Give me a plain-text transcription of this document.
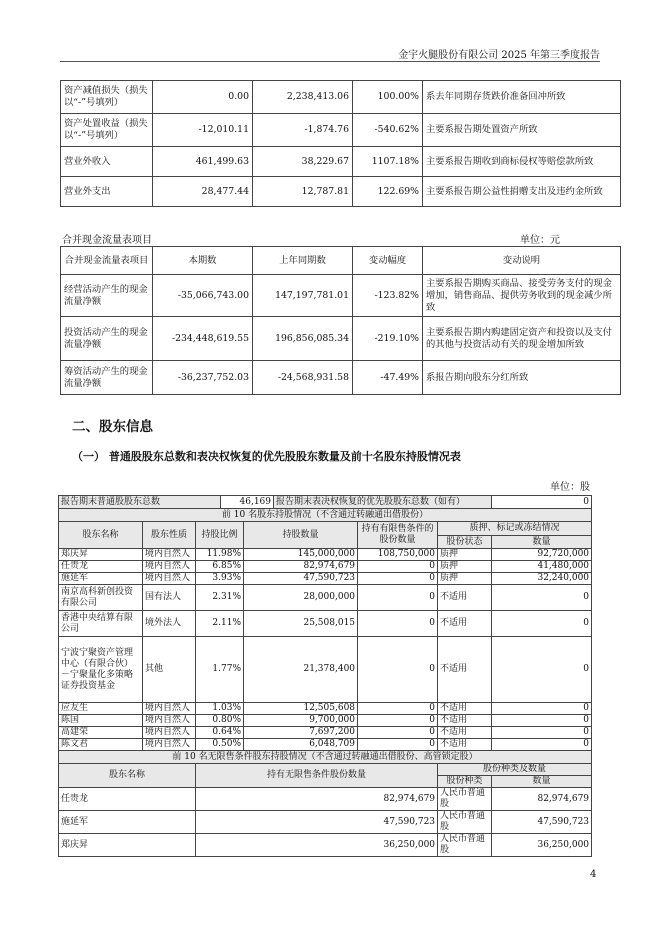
金宇火腿股份有限公司 2025 年第三季度报告
资产减值损失（损失以“-”号填列）	0.00	2,238,413.06	100.00%	系去年同期存货跌价准备回冲所致
资产处置收益（损失以“-”号填列）	-12,010.11	-1,874.76	-540.62%	主要系报告期处置资产所致
营业外收入	461,499.63	38,229.67	1107.18%	主要系报告期收到商标侵权等赔偿款所致
营业外支出	28,477.44	12,787.81	122.69%	主要系报告期公益性捐赠支出及违约金所致
合并现金流量表项目	单位：元
合并现金流量表项目	本期数	上年同期数	变动幅度	变动说明
经营活动产生的现金流量净额	-35,066,743.00	147,197,781.01	-123.82%	主要系报告期购买商品、接受劳务支付的现金增加，销售商品、提供劳务收到的现金减少所致
投资活动产生的现金流量净额	-234,448,619.55	196,856,085.34	-219.10%	主要系报告期内购建固定资产和投资以及支付的其他与投资活动有关的现金增加所致
筹资活动产生的现金流量净额	-36,237,752.03	-24,568,931.58	-47.49%	系报告期向股东分红所致
二、股东信息
（一） 普通股股东总数和表决权恢复的优先股股东数量及前十名股东持股情况表
单位：股
报告期末普通股股东总数			46,169		报告期末表决权恢复的优先股股东总数（如有）			0
前 10 名股东持股情况（不含通过转融通出借股份）								
股东名称	股东性质	持股比例		持股数量		持有有限售条件的股份数量	质押、标记或冻结情况	
							股份状态	数量
郑庆昇	境内自然人	11.98%		145,000,000		108,750,000	质押	92,720,000
任贵龙	境内自然人	6.85%		82,974,679		0	质押	41,480,000
施延军	境内自然人	3.93%		47,590,723		0	质押	32,240,000
南京高科新创投资有限公司	国有法人	2.31%		28,000,000		0	不适用	0
香港中央结算有限公司	境外法人	2.11%		25,508,015		0	不适用	0
宁波宁聚资产管理中心（有限合伙）－宁聚量化多策略证券投资基金	其他	1.77%		21,378,400		0	不适用	0
应友生	境内自然人	1.03%		12,505,608		0	不适用	0
陈国	境内自然人	0.80%		9,700,000		0	不适用	0
高建荣	境内自然人	0.64%		7,697,200		0	不适用	0
陈文君	境内自然人	0.50%		6,048,709		0	不适用	0
前 10 名无限售条件股东持股情况（不含通过转融通出借股份、高管锁定股）								
股东名称		持有无限售条件股份数量					股份种类及数量	
							股份种类	数量
任贵龙		82,974,679					人民币普通股	82,974,679
施延军		47,590,723					人民币普通股	47,590,723
郑庆昇		36,250,000					人民币普通股	36,250,000
4
